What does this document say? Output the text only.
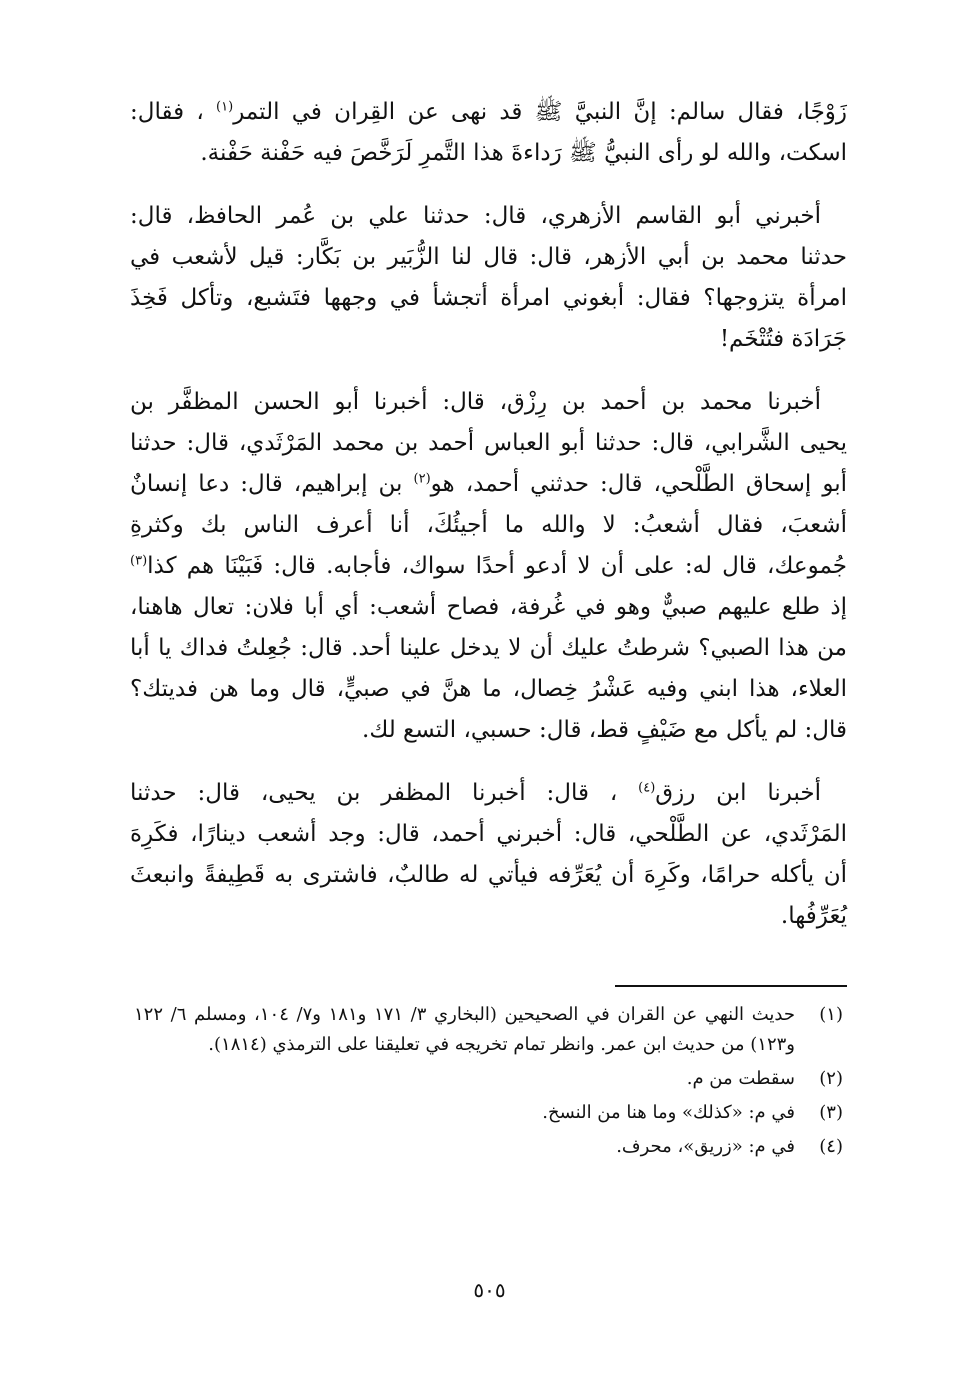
زَوْجًا، فقال سالم: إنَّ النبيَّ ﷺ قد نهى عن القِران في التمر$^{(١)}$ ، فقال:
اسكت، والله لو رأى النبيُّ ﷺ رَداءةَ هذا التَّمرِ لَرَخَّصَ فيه حَفْنة حَفْنة.

أخبرني أبو القاسم الأزهري، قال: حدثنا علي بن عُمر الحافظ، قال:
حدثنا محمد بن أبي الأزهر، قال: قال لنا الزُّبَير بن بَكَّار: قيل لأشعب في
امرأة يتزوجها؟ فقال: أبغوني امرأة أتجشأ في وجهها فتَشبع، وتأكل فَخِذَ
جَرَادَة فتُتْخَم!

أخبرنا محمد بن أحمد بن رِزْق، قال: أخبرنا أبو الحسن المظفَّر بن
يحيى الشَّرابي، قال: حدثنا أبو العباس أحمد بن محمد المَرْثَدي، قال: حدثنا
أبو إسحاق الطَّلْحي، قال: حدثني أحمد، هو$^{(٢)}$ بن إبراهيم، قال: دعا إنسانٌ
أشعبَ، فقال أشعبُ: لا والله ما أجيئُكَ، أنا أعرف الناس بك وكثرةِ
جُموعك، قال له: على أن لا أدعو أحدًا سواك، فأجابه. قال: فَبَيْنَا هم كذا$^{(٣)}$
إذ طلع عليهم صبيٌّ وهو في غُرفة، فصاح أشعب: أي أبا فلان: تعال هاهنا،
من هذا الصبي؟ شرطتُ عليك أن لا يدخل علينا أحد. قال: جُعِلتُ فداك يا أبا
العلاء، هذا ابني وفيه عَشْرُ خِصال، ما هنَّ في صبيٍّ، قال وما هن فديتك؟
قال: لم يأكل مع ضَيْفٍ قط، قال: حسبي، التسع لك.

أخبرنا ابن رزق$^{(٤)}$ ، قال: أخبرنا المظفر بن يحيى، قال: حدثنا
المَرْثَدي، عن الطَّلْحي، قال: أخبرني أحمد، قال: وجد أشعب دينارًا، فكَرِهَ
أن يأكله حرامًا، وكَرِهَ أن يُعَرِّفه فيأتي له طالبٌ، فاشترى به قَطِيفةً وانبعثَ
يُعَرِّفُها.

(١)
حديث النهي عن القران في الصحيحين (البخاري ٣/ ١٧١ و١٨١ و٧/ ١٠٤، ومسلم ٦/ ١٢٢ و١٢٣) من حديث ابن عمر. وانظر تمام تخريجه في تعليقنا على الترمذي (١٨١٤).
(٢)
سقطت من م.
(٣)
في م: «كذلك» وما هنا من النسخ.
(٤)
في م: «زريق»، محرف.
٥٠٥
